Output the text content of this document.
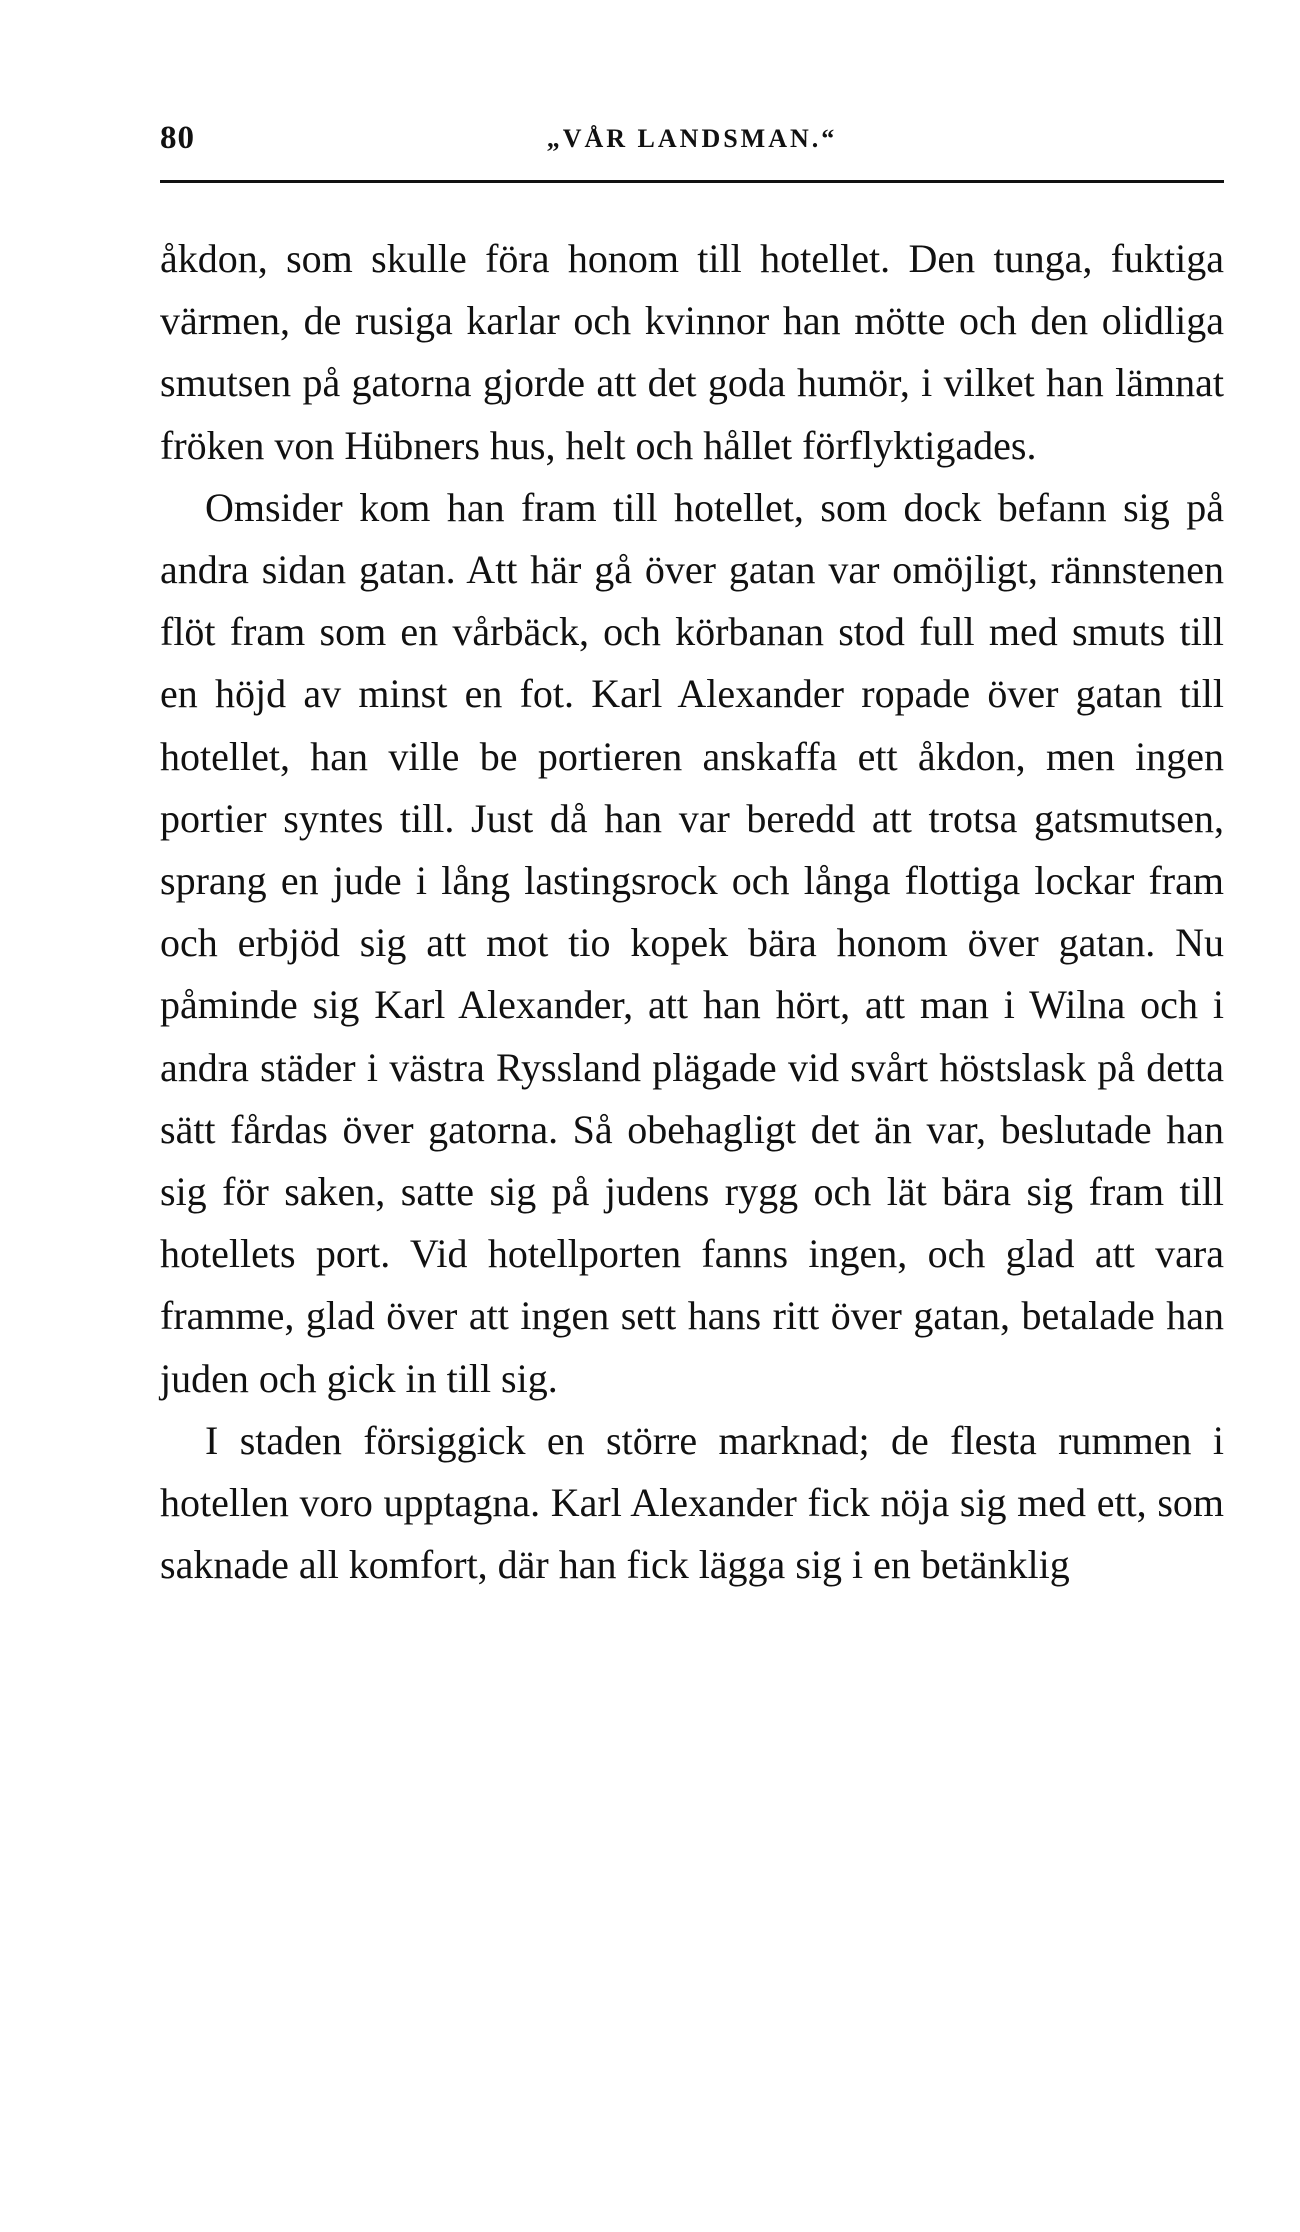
80	„VÅR LANDSMAN.“

åkdon, som skulle föra honom till hotellet. Den tunga, fuktiga värmen, de rusiga karlar och kvinnor han mötte och den olidliga smutsen på gatorna gjorde att det goda humör, i vilket han lämnat fröken von Hübners hus, helt och hållet förflyktigades.

Omsider kom han fram till hotellet, som dock befann sig på andra sidan gatan. Att här gå över gatan var omöjligt, rännstenen flöt fram som en vårbäck, och körbanan stod full med smuts till en höjd av minst en fot. Karl Alexander ropade över gatan till hotellet, han ville be portieren anskaffa ett åkdon, men ingen portier syntes till. Just då han var beredd att trotsa gatsmutsen, sprang en jude i lång lastingsrock och långa flottiga lockar fram och erbjöd sig att mot tio kopek bära honom över gatan. Nu påminde sig Karl Alexander, att han hört, att man i Wilna och i andra städer i västra Ryssland plägade vid svårt höstslask på detta sätt fårdas över gatorna. Så obehagligt det än var, beslutade han sig för saken, satte sig på judens rygg och lät bära sig fram till hotellets port. Vid hotellporten fanns ingen, och glad att vara framme, glad över att ingen sett hans ritt över gatan, betalade han juden och gick in till sig.

I staden försiggick en större marknad; de flesta rummen i hotellen voro upptagna. Karl Alexander fick nöja sig med ett, som saknade all komfort, där han fick lägga sig i en betänklig
